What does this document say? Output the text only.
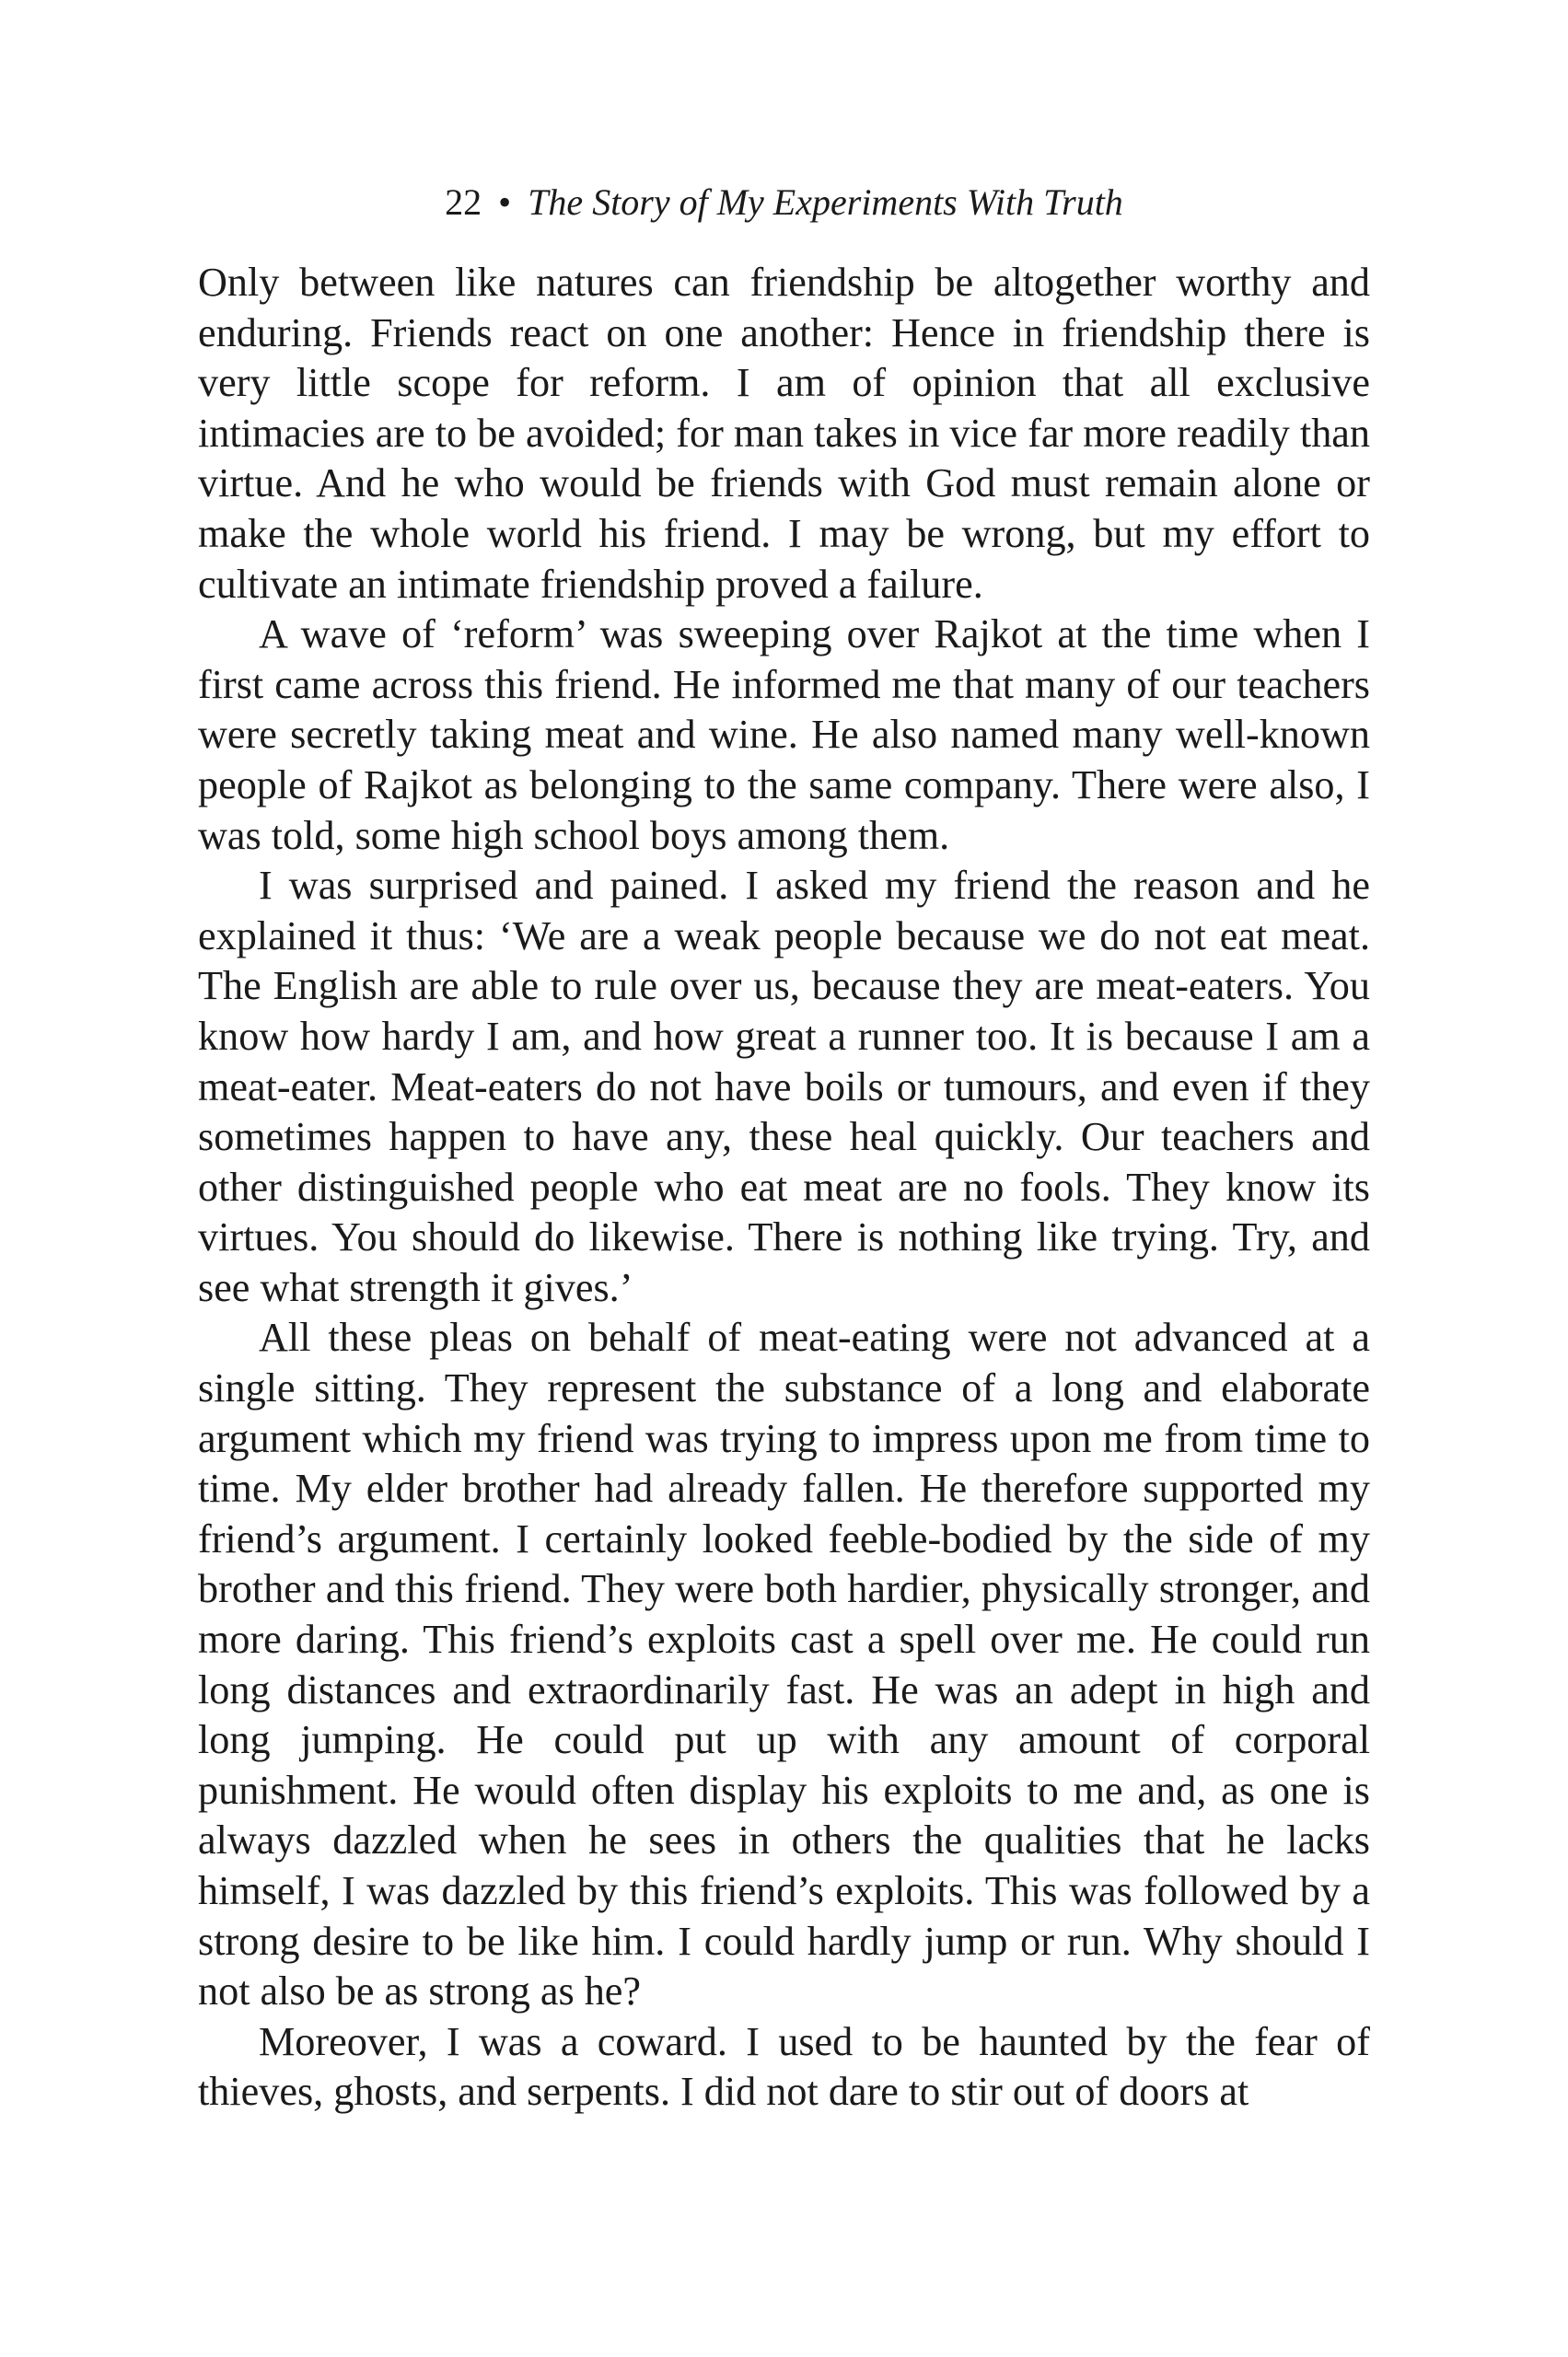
22 • The Story of My Experiments With Truth

Only between like natures can friendship be altogether worthy and enduring. Friends react on one another: Hence in friendship there is very little scope for reform. I am of opinion that all exclusive intimacies are to be avoided; for man takes in vice far more readily than virtue. And he who would be friends with God must remain alone or make the whole world his friend. I may be wrong, but my effort to cultivate an intimate friendship proved a failure.

A wave of ‘reform’ was sweeping over Rajkot at the time when I first came across this friend. He informed me that many of our teachers were secretly taking meat and wine. He also named many well-known people of Rajkot as belonging to the same company. There were also, I was told, some high school boys among them.

I was surprised and pained. I asked my friend the reason and he explained it thus: ‘We are a weak people because we do not eat meat. The English are able to rule over us, because they are meat-eaters. You know how hardy I am, and how great a runner too. It is because I am a meat-eater. Meat-eaters do not have boils or tumours, and even if they sometimes happen to have any, these heal quickly. Our teachers and other distinguished people who eat meat are no fools. They know its virtues. You should do likewise. There is nothing like trying. Try, and see what strength it gives.’

All these pleas on behalf of meat-eating were not advanced at a single sitting. They represent the substance of a long and elaborate argument which my friend was trying to impress upon me from time to time. My elder brother had already fallen. He therefore supported my friend’s argument. I certainly looked feeble-bodied by the side of my brother and this friend. They were both hardier, physically stronger, and more daring. This friend’s exploits cast a spell over me. He could run long distances and extraordinarily fast. He was an adept in high and long jumping. He could put up with any amount of corporal punishment. He would often display his exploits to me and, as one is always dazzled when he sees in others the qualities that he lacks himself, I was dazzled by this friend’s exploits. This was followed by a strong desire to be like him. I could hardly jump or run. Why should I not also be as strong as he?

Moreover, I was a coward. I used to be haunted by the fear of thieves, ghosts, and serpents. I did not dare to stir out of doors at
